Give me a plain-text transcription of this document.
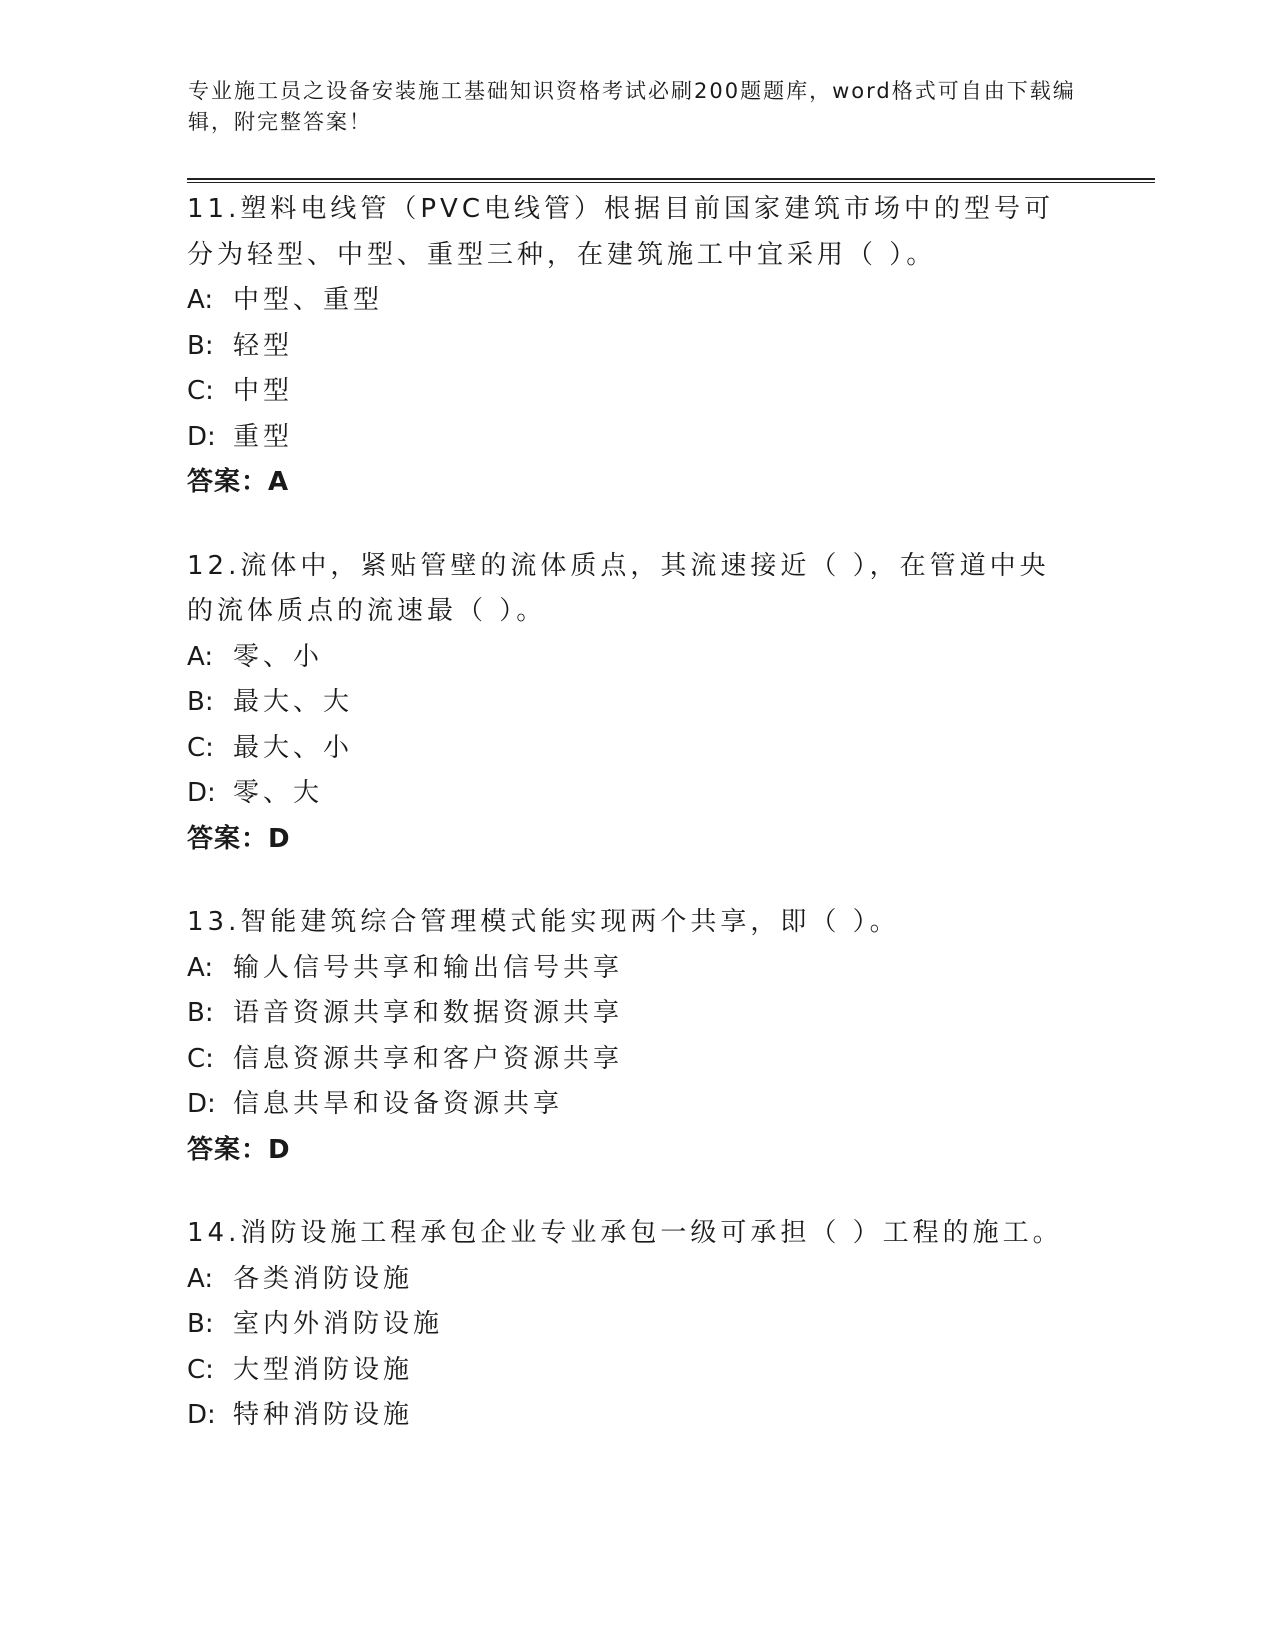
专业施工员之设备安装施工基础知识资格考试必刷200题题库，word格式可自由下载编辑，附完整答案！

11.塑料电线管（PVC电线管）根据目前国家建筑市场中的型号可分为轻型、中型、重型三种，在建筑施工中宜采用（ ）。

A: 中型、重型
B: 轻型
C: 中型
D: 重型
答案：A

12.流体中，紧贴管壁的流体质点，其流速接近（ ），在管道中央的流体质点的流速最（ ）。

A: 零、小
B: 最大、大
C: 最大、小
D: 零、大
答案：D

13.智能建筑综合管理模式能实现两个共享，即（ ）。

A: 输人信号共享和输出信号共享
B: 语音资源共享和数据资源共享
C: 信息资源共享和客户资源共享
D: 信息共旱和设备资源共享
答案：D

14.消防设施工程承包企业专业承包一级可承担（ ）工程的施工。

A: 各类消防设施
B: 室内外消防设施
C: 大型消防设施
D: 特种消防设施
